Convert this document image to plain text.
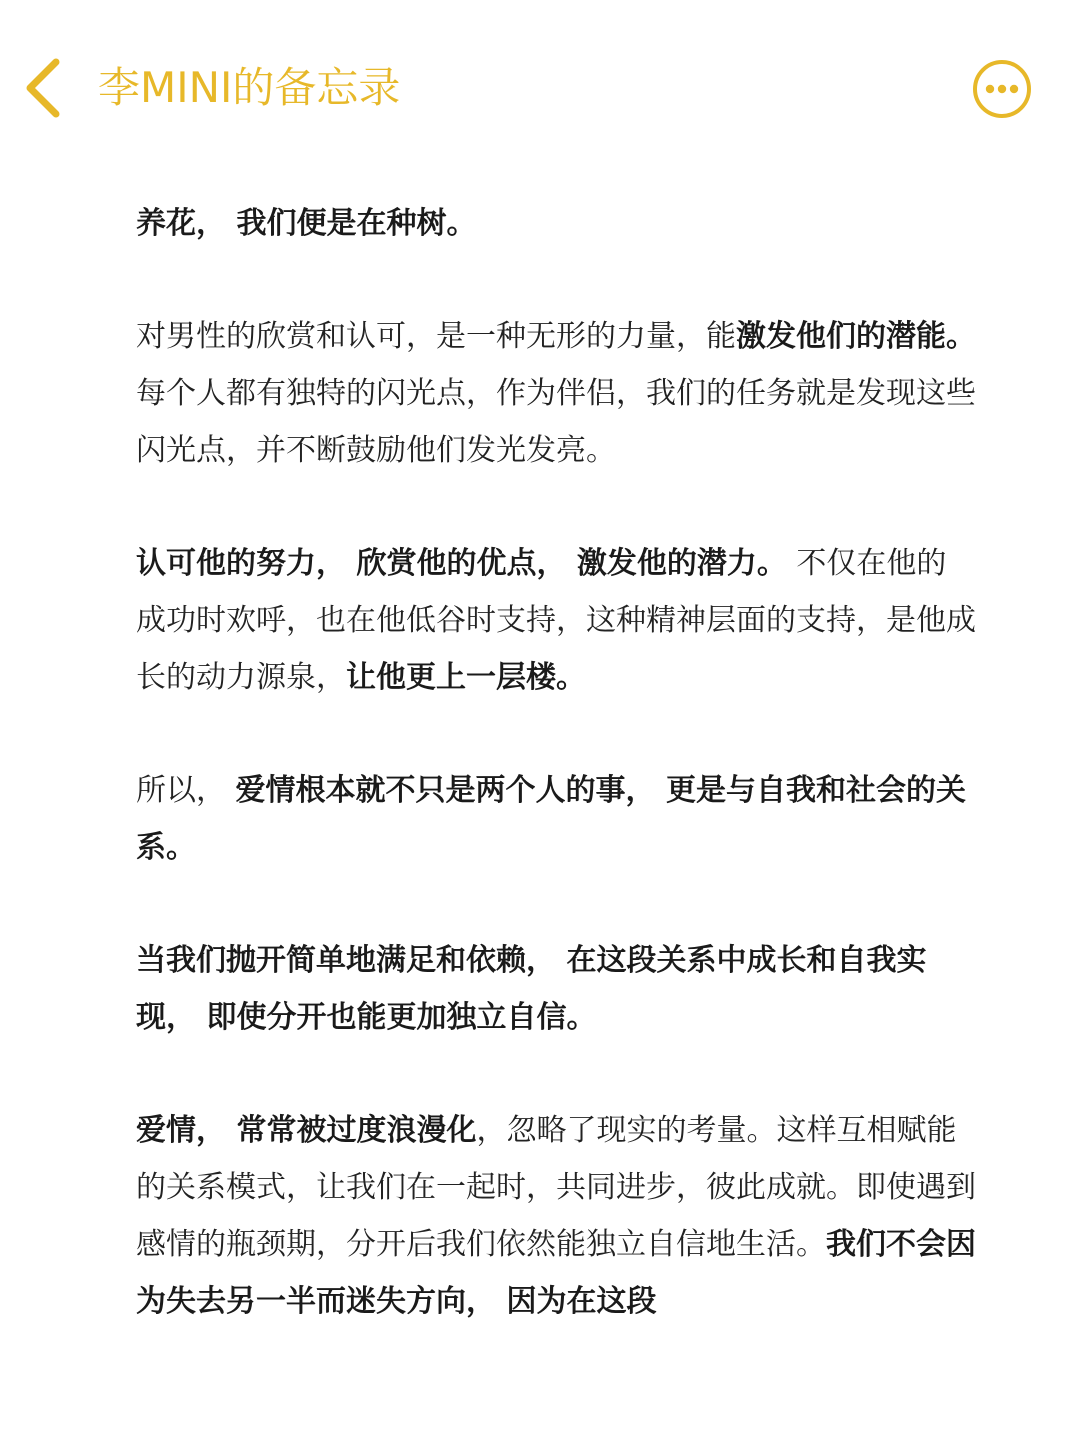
李MINI的备忘录

养花， 我们便是在种树。

对男性的欣赏和认可，是一种无形的力量，能激发他们的潜能。 每个人都有独特的闪光点，作为伴侣，我们的任务就是发现这些闪光点，并不断鼓励他们发光发亮。

认可他的努力， 欣赏他的优点， 激发他的潜力。 不仅在他的成功时欢呼，也在他低谷时支持，这种精神层面的支持，是他成长的动力源泉，让他更上一层楼。

所以， 爱情根本就不只是两个人的事， 更是与自我和社会的关系。

当我们抛开简单地满足和依赖， 在这段关系中成长和自我实现， 即使分开也能更加独立自信。

爱情， 常常被过度浪漫化，忽略了现实的考量。这样互相赋能的关系模式，让我们在一起时，共同进步，彼此成就。即使遇到感情的瓶颈期，分开后我们依然能独立自信地生活。我们不会因为失去另一半而迷失方向， 因为在这段
